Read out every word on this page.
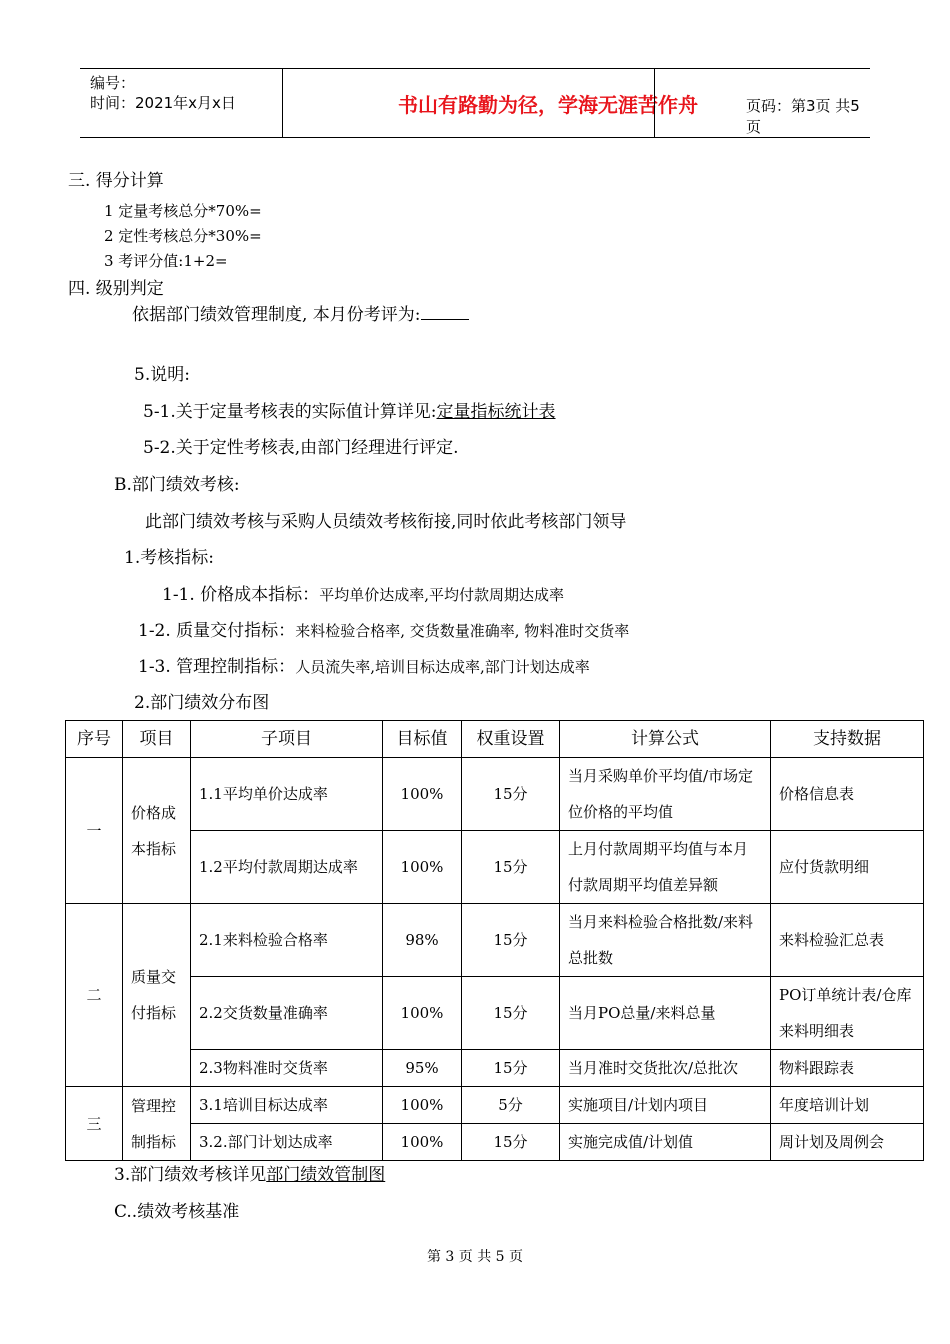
编号：
时间：2021年x月x日	书山有路勤为径，学海无涯苦作舟	页码：第3页 共5页
三. 得分计算
1 定量考核总分*70%=
2 定性考核总分*30%=
3 考评分值:1+2=
四. 级别判定
依据部门绩效管理制度, 本月份考评为:
5.说明:
5-1.关于定量考核表的实际值计算详见:定量指标统计表
5-2.关于定性考核表,由部门经理进行评定.
B.部门绩效考核:
此部门绩效考核与采购人员绩效考核衔接,同时依此考核部门领导
1.考核指标:
1-1. 价格成本指标：平均单价达成率,平均付款周期达成率
1-2. 质量交付指标：来料检验合格率, 交货数量准确率, 物料准时交货率
1-3. 管理控制指标：人员流失率,培训目标达成率,部门计划达成率
2.部门绩效分布图
序号	项目	子项目	目标值	权重设置	计算公式	支持数据
一	价格成本指标	1.1平均单价达成率	100%	15分	当月采购单价平均值/市场定位价格的平均值	价格信息表
		1.2平均付款周期达成率	100%	15分	上月付款周期平均值与本月付款周期平均值差异额	应付货款明细
二	质量交付指标	2.1来料检验合格率	98%	15分	当月来料检验合格批数/来料总批数	来料检验汇总表
		2.2交货数量准确率	100%	15分	当月PO总量/来料总量	PO订单统计表/仓库来料明细表
		2.3物料准时交货率	95%	15分	当月准时交货批次/总批次	物料跟踪表
三	管理控制指标	3.1培训目标达成率	100%	5分	实施项目/计划内项目	年度培训计划
		3.2.部门计划达成率	100%	15分	实施完成值/计划值	周计划及周例会
3.部门绩效考核详见部门绩效管制图
C..绩效考核基准
第 3 页 共 5 页
